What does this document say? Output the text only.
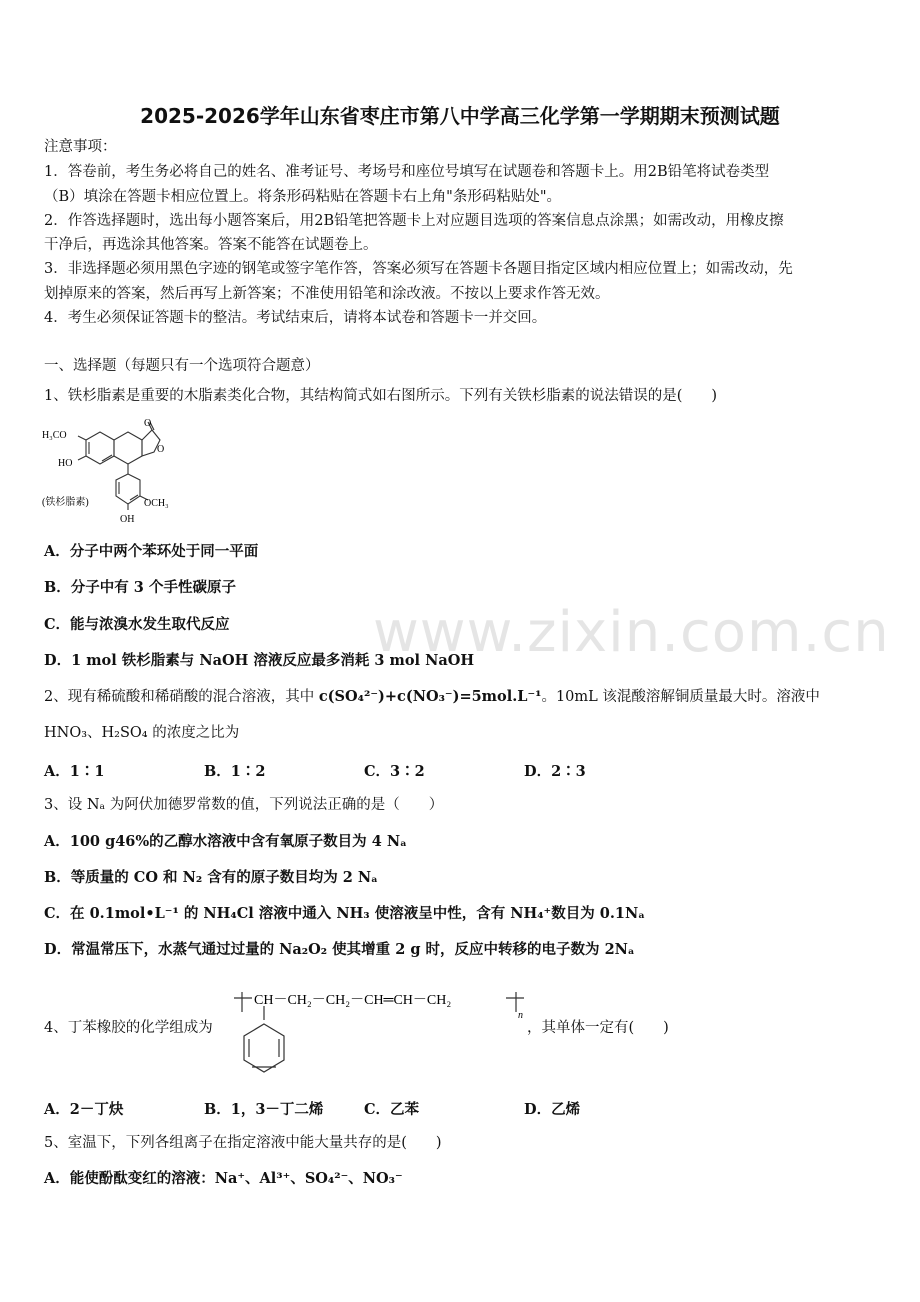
2025-2026学年山东省枣庄市第八中学高三化学第一学期期末预测试题
注意事项：
1．答卷前，考生务必将自己的姓名、准考证号、考场号和座位号填写在试题卷和答题卡上。用2B铅笔将试卷类型
（B）填涂在答题卡相应位置上。将条形码粘贴在答题卡右上角"条形码粘贴处"。
2．作答选择题时，选出每小题答案后，用2B铅笔把答题卡上对应题目选项的答案信息点涂黑；如需改动，用橡皮擦
干净后，再选涂其他答案。答案不能答在试题卷上。
3．非选择题必须用黑色字迹的钢笔或签字笔作答，答案必须写在答题卡各题目指定区域内相应位置上；如需改动，先
划掉原来的答案，然后再写上新答案；不准使用铅笔和涂改液。不按以上要求作答无效。
4．考生必须保证答题卡的整洁。考试结束后，请将本试卷和答题卡一并交回。
一、选择题（每题只有一个选项符合题意）
1、铁杉脂素是重要的木脂素类化合物，其结构简式如右图所示。下列有关铁杉脂素的说法错误的是(　　)
H₃CO
HO
O
O
(铁杉脂素)	OCH₃
OH
A．分子中两个苯环处于同一平面
B．分子中有 3 个手性碳原子
C．能与浓溴水发生取代反应
D．1 mol 铁杉脂素与 NaOH 溶液反应最多消耗 3 mol NaOH
2、现有稀硫酸和稀硝酸的混合溶液，其中 c(SO₄²⁻)+c(NO₃⁻)=5mol.L⁻¹。10mL 该混酸溶解铜质量最大时。溶液中
HNO₃、H₂SO₄ 的浓度之比为
A．1∶1	B．1∶2	C．3∶2	D．2∶3
3、设 Nₐ 为阿伏加德罗常数的值，下列说法正确的是（　　）
A．100 g46%的乙醇水溶液中含有氧原子数目为 4 Nₐ
B．等质量的 CO 和 N₂ 含有的原子数目均为 2 Nₐ
C．在 0.1mol•L⁻¹ 的 NH₄Cl 溶液中通入 NH₃ 使溶液呈中性，含有 NH₄⁺数目为 0.1Nₐ
D．常温常压下，水蒸气通过过量的 Na₂O₂ 使其增重 2 g 时，反应中转移的电子数为 2Nₐ
4、丁苯橡胶的化学组成为
CH－CH₂－CH₂－CH═CH－CH₂
n
，其单体一定有(　　)
A．2－丁炔	B．1，3－丁二烯	C．乙苯	D．乙烯
5、室温下，下列各组离子在指定溶液中能大量共存的是(　　)
A．能使酚酞变红的溶液：Na⁺、Al³⁺、SO₄²⁻、NO₃⁻
www.zixin.com.cn
